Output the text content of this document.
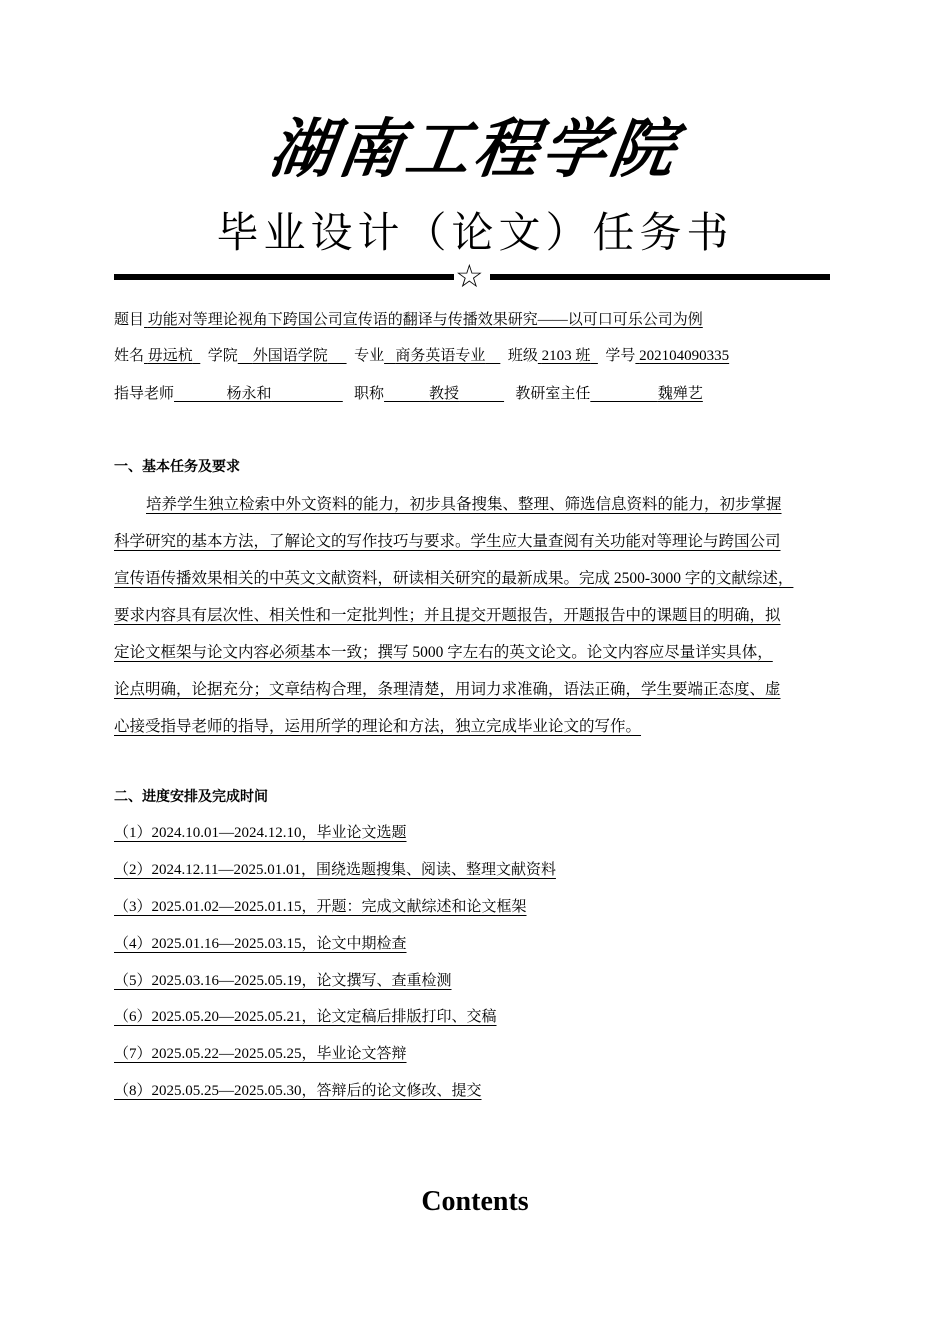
湖南工程学院
毕业设计（论文）任务书
☆
题目 功能对等理论视角下跨国公司宣传语的翻译与传播效果研究——以可口可乐公司为例
姓名 毋远杭 学院 外国语学院 专业 商务英语专业 班级 2103 班 学号 202104090335
指导老师	杨永和	职称	教授	教研室主任	魏殚艺
一、基本任务及要求
培养学生独立检索中外文资料的能力，初步具备搜集、整理、筛选信息资料的能力，初步掌握
科学研究的基本方法，了解论文的写作技巧与要求。学生应大量查阅有关功能对等理论与跨国公司
宣传语传播效果相关的中英文文献资料，研读相关研究的最新成果。完成 2500-3000 字的文献综述，
要求内容具有层次性、相关性和一定批判性；并且提交开题报告，开题报告中的课题目的明确，拟
定论文框架与论文内容必须基本一致；撰写 5000 字左右的英文论文。论文内容应尽量详实具体，
论点明确，论据充分；文章结构合理，条理清楚，用词力求准确，语法正确，学生要端正态度、虚
心接受指导老师的指导，运用所学的理论和方法，独立完成毕业论文的写作。
二、进度安排及完成时间
（1）2024.10.01—2024.12.10，毕业论文选题
（2）2024.12.11—2025.01.01，围绕选题搜集、阅读、整理文献资料
（3）2025.01.02—2025.01.15，开题：完成文献综述和论文框架
（4）2025.01.16—2025.03.15，论文中期检查
（5）2025.03.16—2025.05.19，论文撰写、查重检测
（6）2025.05.20—2025.05.21，论文定稿后排版打印、交稿
（7）2025.05.22—2025.05.25，毕业论文答辩
（8）2025.05.25—2025.05.30，答辩后的论文修改、提交
Contents
